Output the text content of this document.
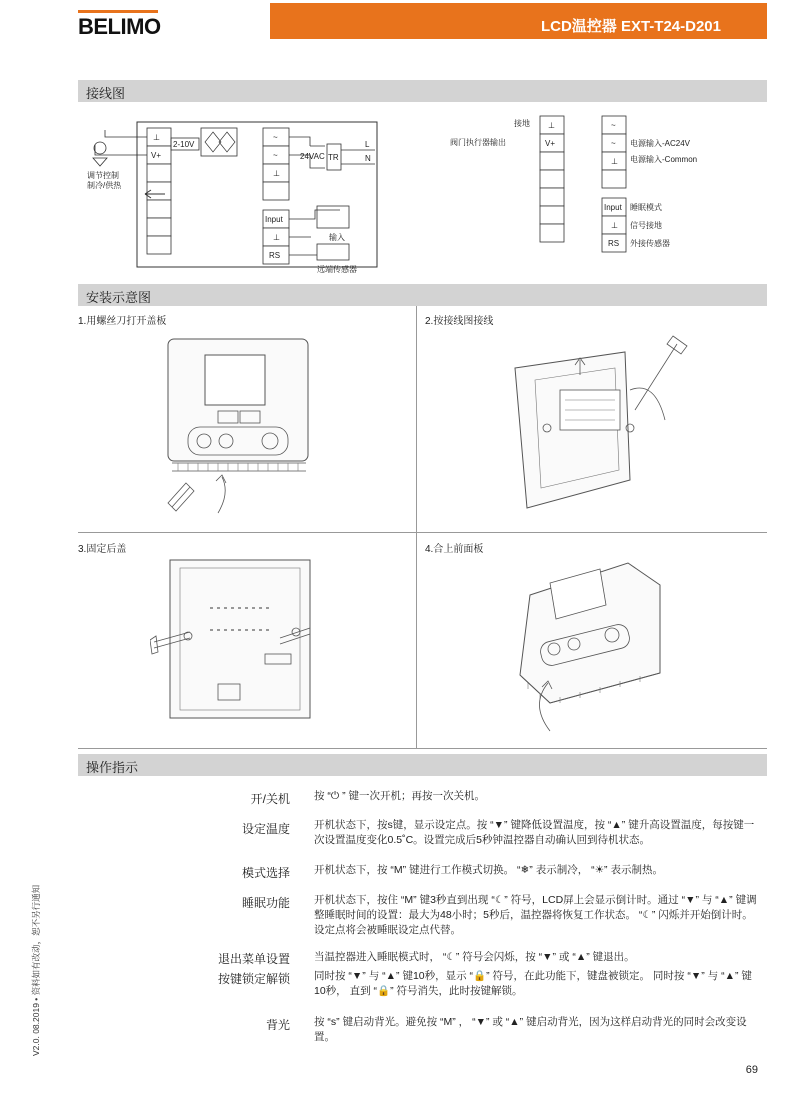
BELIMO	LCD温控器 EXT-T24-D201
接线图
⊥
V+
~
~
⊥
Input
⊥
RS
2-10V
调节控制
制冷/供热
24VAC TR
L
N
输入
远端传感器
接地
阀门执行器输出
⊥
V+
~
~
⊥
Input
⊥
RS
电源输入-AC24V
电源输入-Common
睡眠模式
信号接地
外接传感器
安装示意图
1.用螺丝刀打开盖板	2.按接线图接线
3.固定后盖	4.合上前面板
操作指示
开/关机 按 “⏻ ” 键一次开机；再按一次关机。
设定温度 开机状态下，按s键，显示设定点。按 “▼” 键降低设置温度，按 “▲” 键升高设置温度，每按键一次设置温度变化0.5˚C。设置完成后5秒钟温控器自动确认回到待机状态。
模式选择 开机状态下，按 “M” 键进行工作模式切换。 “❄” 表示制冷， “☀” 表示制热。
睡眠功能 开机状态下，按住 “M” 键3秒直到出现 “☾” 符号，LCD屏上会显示倒计时。通过 “▼” 与 “▲” 键调整睡眠时间的设置：最大为48小时；5秒后，温控器将恢复工作状态。 “☾” 闪烁并开始倒计时。设定点将会被睡眠设定点代替。
退出菜单设置 当温控器进入睡眠模式时， “☾” 符号会闪烁，按 “▼” 或 “▲” 键退出。
按键锁定解锁 同时按 “▼” 与 “▲” 键10秒，显示 “🔒” 符号，在此功能下，键盘被锁定。 同时按 “▼” 与 “▲” 键10秒， 直到 “🔒” 符号消失，此时按键解锁。
背光 按 “s” 键启动背光。避免按 “M” ， “▼” 或 “▲” 键启动背光，因为这样启动背光的同时会改变设置。
V2.0. 08.2019 • 资料如有改动，恕不另行通知
69
